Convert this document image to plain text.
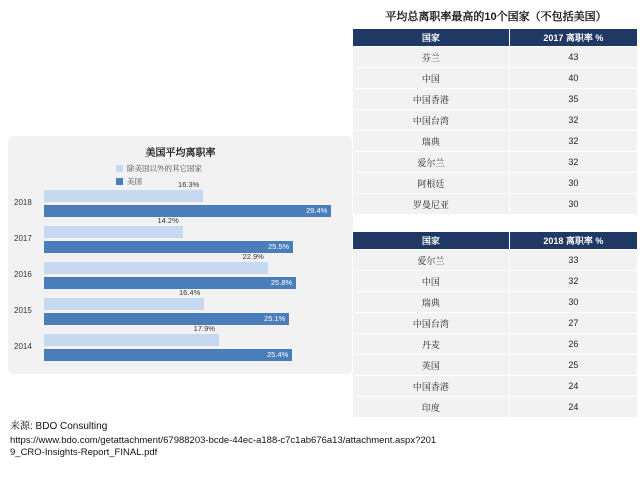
美国平均离职率
除美国以外的其它国家
美国
2018
16.3%
29.4%
2017
14.2%
25.5%
2016
22.9%
25.8%
2015
16.4%
25.1%
2014
17.9%
25.4%
平均总离职率最高的10个国家（不包括美国）
国家	2017 离职率 %
芬兰	43
中国	40
中国香港	35
中国台湾	32
瑞典	32
爱尔兰	32
阿根廷	30
罗曼尼亚	30
国家	2018 离职率 %
爱尔兰	33
中国	32
瑞典	30
中国台湾	27
丹麦	26
英国	25
中国香港	24
印度	24
来源: BDO Consulting
https://www.bdo.com/getattachment/67988203-bcde-44ec-a188-c7c1ab676a13/attachment.aspx?2019_CRO-Insights-Report_FINAL.pdf
